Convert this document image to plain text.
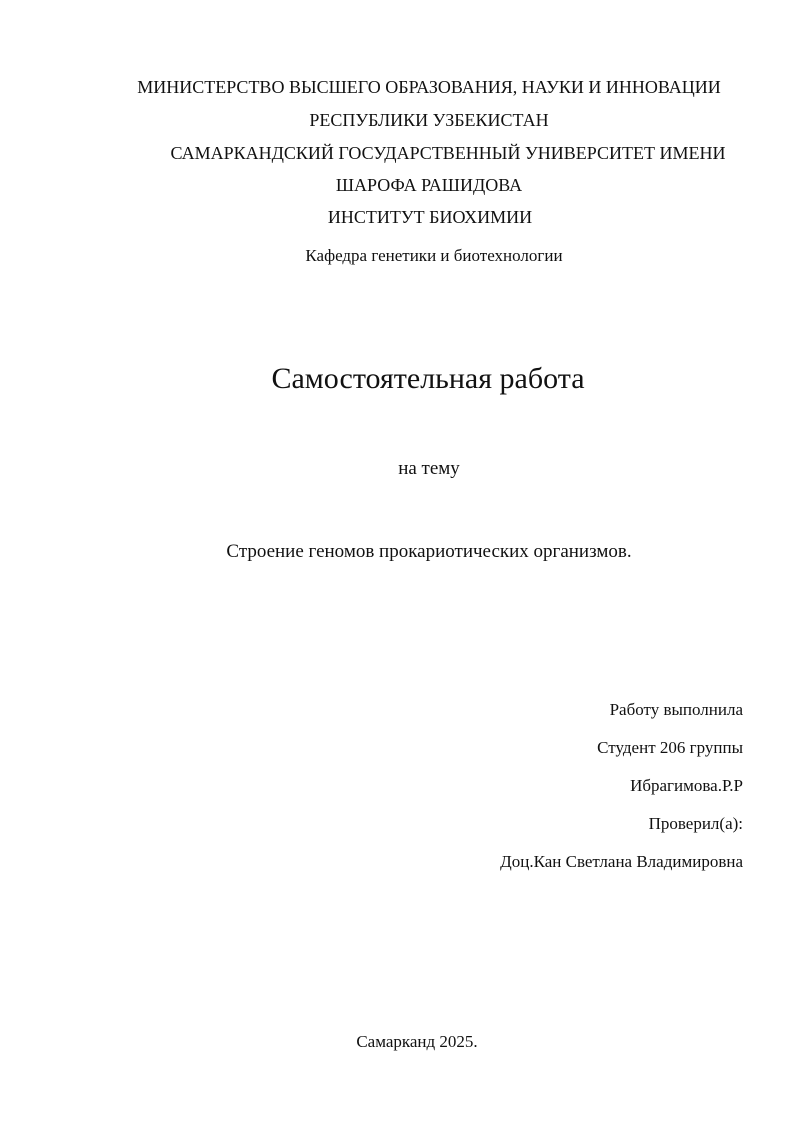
МИНИСТЕРСТВО ВЫСШЕГО ОБРАЗОВАНИЯ, НАУКИ И ИННОВАЦИИ
РЕСПУБЛИКИ УЗБЕКИСТАН
САМАРКАНДСКИЙ ГОСУДАРСТВЕННЫЙ УНИВЕРСИТЕТ ИМЕНИ
ШАРОФА РАШИДОВА
ИНСТИТУТ БИОХИМИИ
Кафедра генетики и биотехнологии
Самостоятельная работа
на тему
Строение геномов прокариотических организмов.
Работу выполнила
Студент 206 группы
Ибрагимова.Р.Р
Проверил(а):
Доц.Кан Светлана Владимировна
Самарканд 2025.
